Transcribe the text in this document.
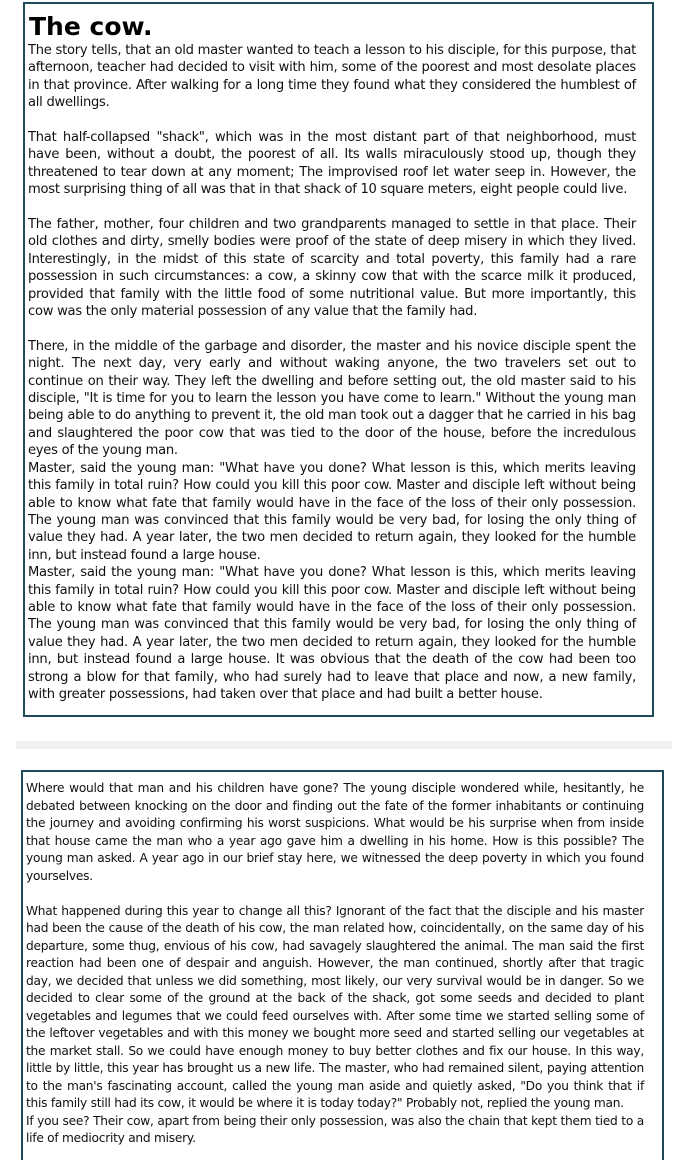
The cow.

The story tells, that an old master wanted to teach a lesson to his disciple, for this purpose, that afternoon, teacher had decided to visit with him, some of the poorest and most desolate places in that province. After walking for a long time they found what they considered the humblest of all dwellings.

That half-collapsed "shack", which was in the most distant part of that neighborhood, must have been, without a doubt, the poorest of all. Its walls miraculously stood up, though they threatened to tear down at any moment; The improvised roof let water seep in. However, the most surprising thing of all was that in that shack of 10 square meters, eight people could live.

The father, mother, four children and two grandparents managed to settle in that place. Their old clothes and dirty, smelly bodies were proof of the state of deep misery in which they lived. Interestingly, in the midst of this state of scarcity and total poverty, this family had a rare possession in such circumstances: a cow, a skinny cow that with the scarce milk it produced, provided that family with the little food of some nutritional value. But more importantly, this cow was the only material possession of any value that the family had.

There, in the middle of the garbage and disorder, the master and his novice disciple spent the night. The next day, very early and without waking anyone, the two travelers set out to continue on their way. They left the dwelling and before setting out, the old master said to his disciple, "It is time for you to learn the lesson you have come to learn." Without the young man being able to do anything to prevent it, the old man took out a dagger that he carried in his bag and slaughtered the poor cow that was tied to the door of the house, before the incredulous eyes of the young man.

Master, said the young man: "What have you done? What lesson is this, which merits leaving this family in total ruin? How could you kill this poor cow. Master and disciple left without being able to know what fate that family would have in the face of the loss of their only possession. The young man was convinced that this family would be very bad, for losing the only thing of value they had. A year later, the two men decided to return again, they looked for the humble inn, but instead found a large house.

Master, said the young man: "What have you done? What lesson is this, which merits leaving this family in total ruin? How could you kill this poor cow. Master and disciple left without being able to know what fate that family would have in the face of the loss of their only possession. The young man was convinced that this family would be very bad, for losing the only thing of value they had. A year later, the two men decided to return again, they looked for the humble inn, but instead found a large house. It was obvious that the death of the cow had been too strong a blow for that family, who had surely had to leave that place and now, a new family, with greater possessions, had taken over that place and had built a better house.

Where would that man and his children have gone? The young disciple wondered while, hesitantly, he debated between knocking on the door and finding out the fate of the former inhabitants or continuing the journey and avoiding confirming his worst suspicions. What would be his surprise when from inside that house came the man who a year ago gave him a dwelling in his home. How is this possible? The young man asked. A year ago in our brief stay here, we witnessed the deep poverty in which you found yourselves.

What happened during this year to change all this? Ignorant of the fact that the disciple and his master had been the cause of the death of his cow, the man related how, coincidentally, on the same day of his departure, some thug, envious of his cow, had savagely slaughtered the animal. The man said the first reaction had been one of despair and anguish. However, the man continued, shortly after that tragic day, we decided that unless we did something, most likely, our very survival would be in danger. So we decided to clear some of the ground at the back of the shack, got some seeds and decided to plant vegetables and legumes that we could feed ourselves with. After some time we started selling some of the leftover vegetables and with this money we bought more seed and started selling our vegetables at the market stall. So we could have enough money to buy better clothes and fix our house. In this way, little by little, this year has brought us a new life. The master, who had remained silent, paying attention to the man's fascinating account, called the young man aside and quietly asked, "Do you think that if this family still had its cow, it would be where it is today today?" Probably not, replied the young man.

If you see? Their cow, apart from being their only possession, was also the chain that kept them tied to a life of mediocrity and misery.
